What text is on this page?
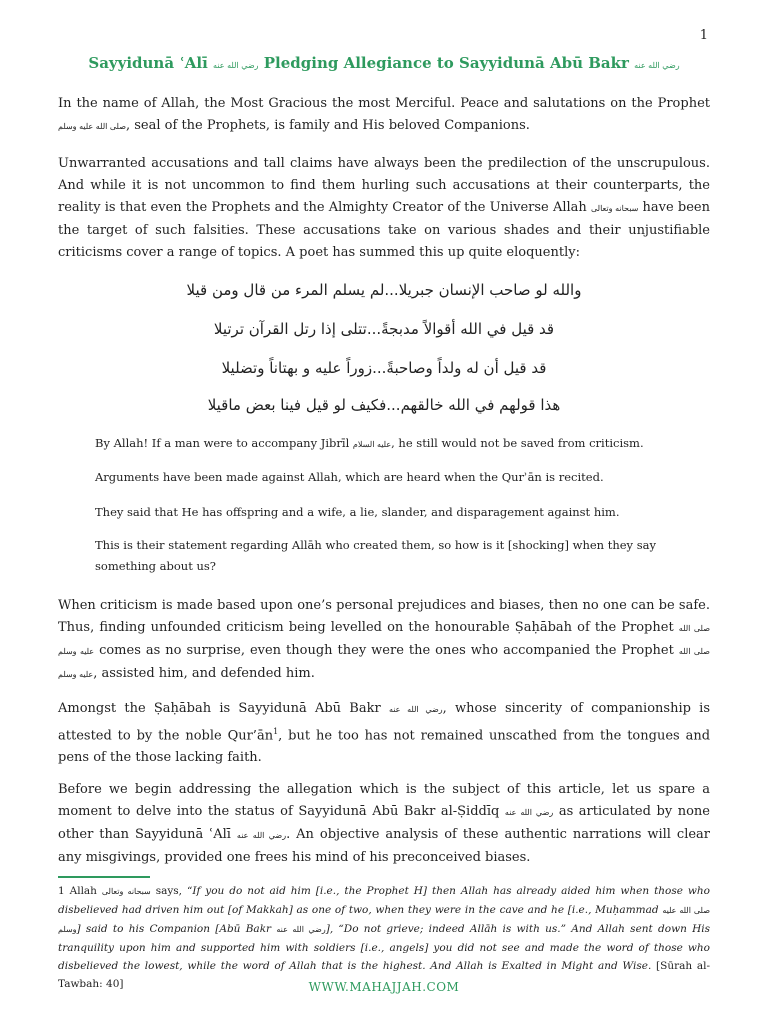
1
Sayyidunā ʿAlī رضي الله عنه Pledging Allegiance to Sayyidunā Abū Bakr رضي الله عنه
In the name of Allah, the Most Gracious the most Merciful. Peace and salutations on the Prophet صلى الله عليه وسلم, seal of the Prophets, is family and His beloved Companions.
Unwarranted accusations and tall claims have always been the predilection of the unscrupulous. And while it is not uncommon to find them hurling such accusations at their counterparts, the reality is that even the Prophets and the Almighty Creator of the Universe Allah سبحانه وتعالى have been the target of such falsities. These accusations take on various shades and their unjustifiable criticisms cover a range of topics. A poet has summed this up quite eloquently:
والله لو صاحب الإنسان جبريلا...لم يسلم المرء من قال ومن قيلا
قد قيل في الله أقوالاً مدبجةً...تتلى إذا رتل القرآن ترتيلا
قد قيل أن له ولداً وصاحبةً...زوراً عليه و بهتاناً وتضليلا
هذا قولهم في الله خالقهم...فكيف لو قيل فينا بعض ماقيلا
By Allah! If a man were to accompany Jibrīl عليه السلام, he still would not be saved from criticism.
Arguments have been made against Allah, which are heard when the Qurʾān is recited.
They said that He has offspring and a wife, a lie, slander, and disparagement against him.
This is their statement regarding Allāh who created them, so how is it [shocking] when they say something about us?
When criticism is made based upon one’s personal prejudices and biases, then no one can be safe. Thus, finding unfounded criticism being levelled on the honourable Ṣaḥābah of the Prophet صلى الله عليه وسلم comes as no surprise, even though they were the ones who accompanied the Prophet صلى الله عليه وسلم, assisted him, and defended him.
Amongst the Ṣaḥābah is Sayyidunā Abū Bakr رضي الله عنه, whose sincerity of companionship is attested to by the noble $Qur’ān^1$, but he too has not remained unscathed from the tongues and pens of the those lacking faith.
Before we begin addressing the allegation which is the subject of this article, let us spare a moment to delve into the status of Sayyidunā Abū Bakr al-Ṣiddīq رضي الله عنه as articulated by none other than Sayyidunā ʿAlī رضي الله عنه. An objective analysis of these authentic narrations will clear any misgivings, provided one frees his mind of his preconceived biases.
1 Allah سبحانه وتعالى says, “If you do not aid him [i.e., the Prophet H] then Allah has already aided him when those who disbelieved had driven him out [of Makkah] as one of two, when they were in the cave and he [i.e., Muḥammad صلى الله عليه وسلم] said to his Companion [Abū Bakr رضي الله عنه], “Do not grieve; indeed Allāh is with us.” And Allah sent down His tranquility upon him and supported him with soldiers [i.e., angels] you did not see and made the word of those who disbelieved the lowest, while the word of Allah that is the highest. And Allah is Exalted in Might and Wise. [Sūrah al-Tawbah: 40]	WWW.MAHAJJAH.COM
